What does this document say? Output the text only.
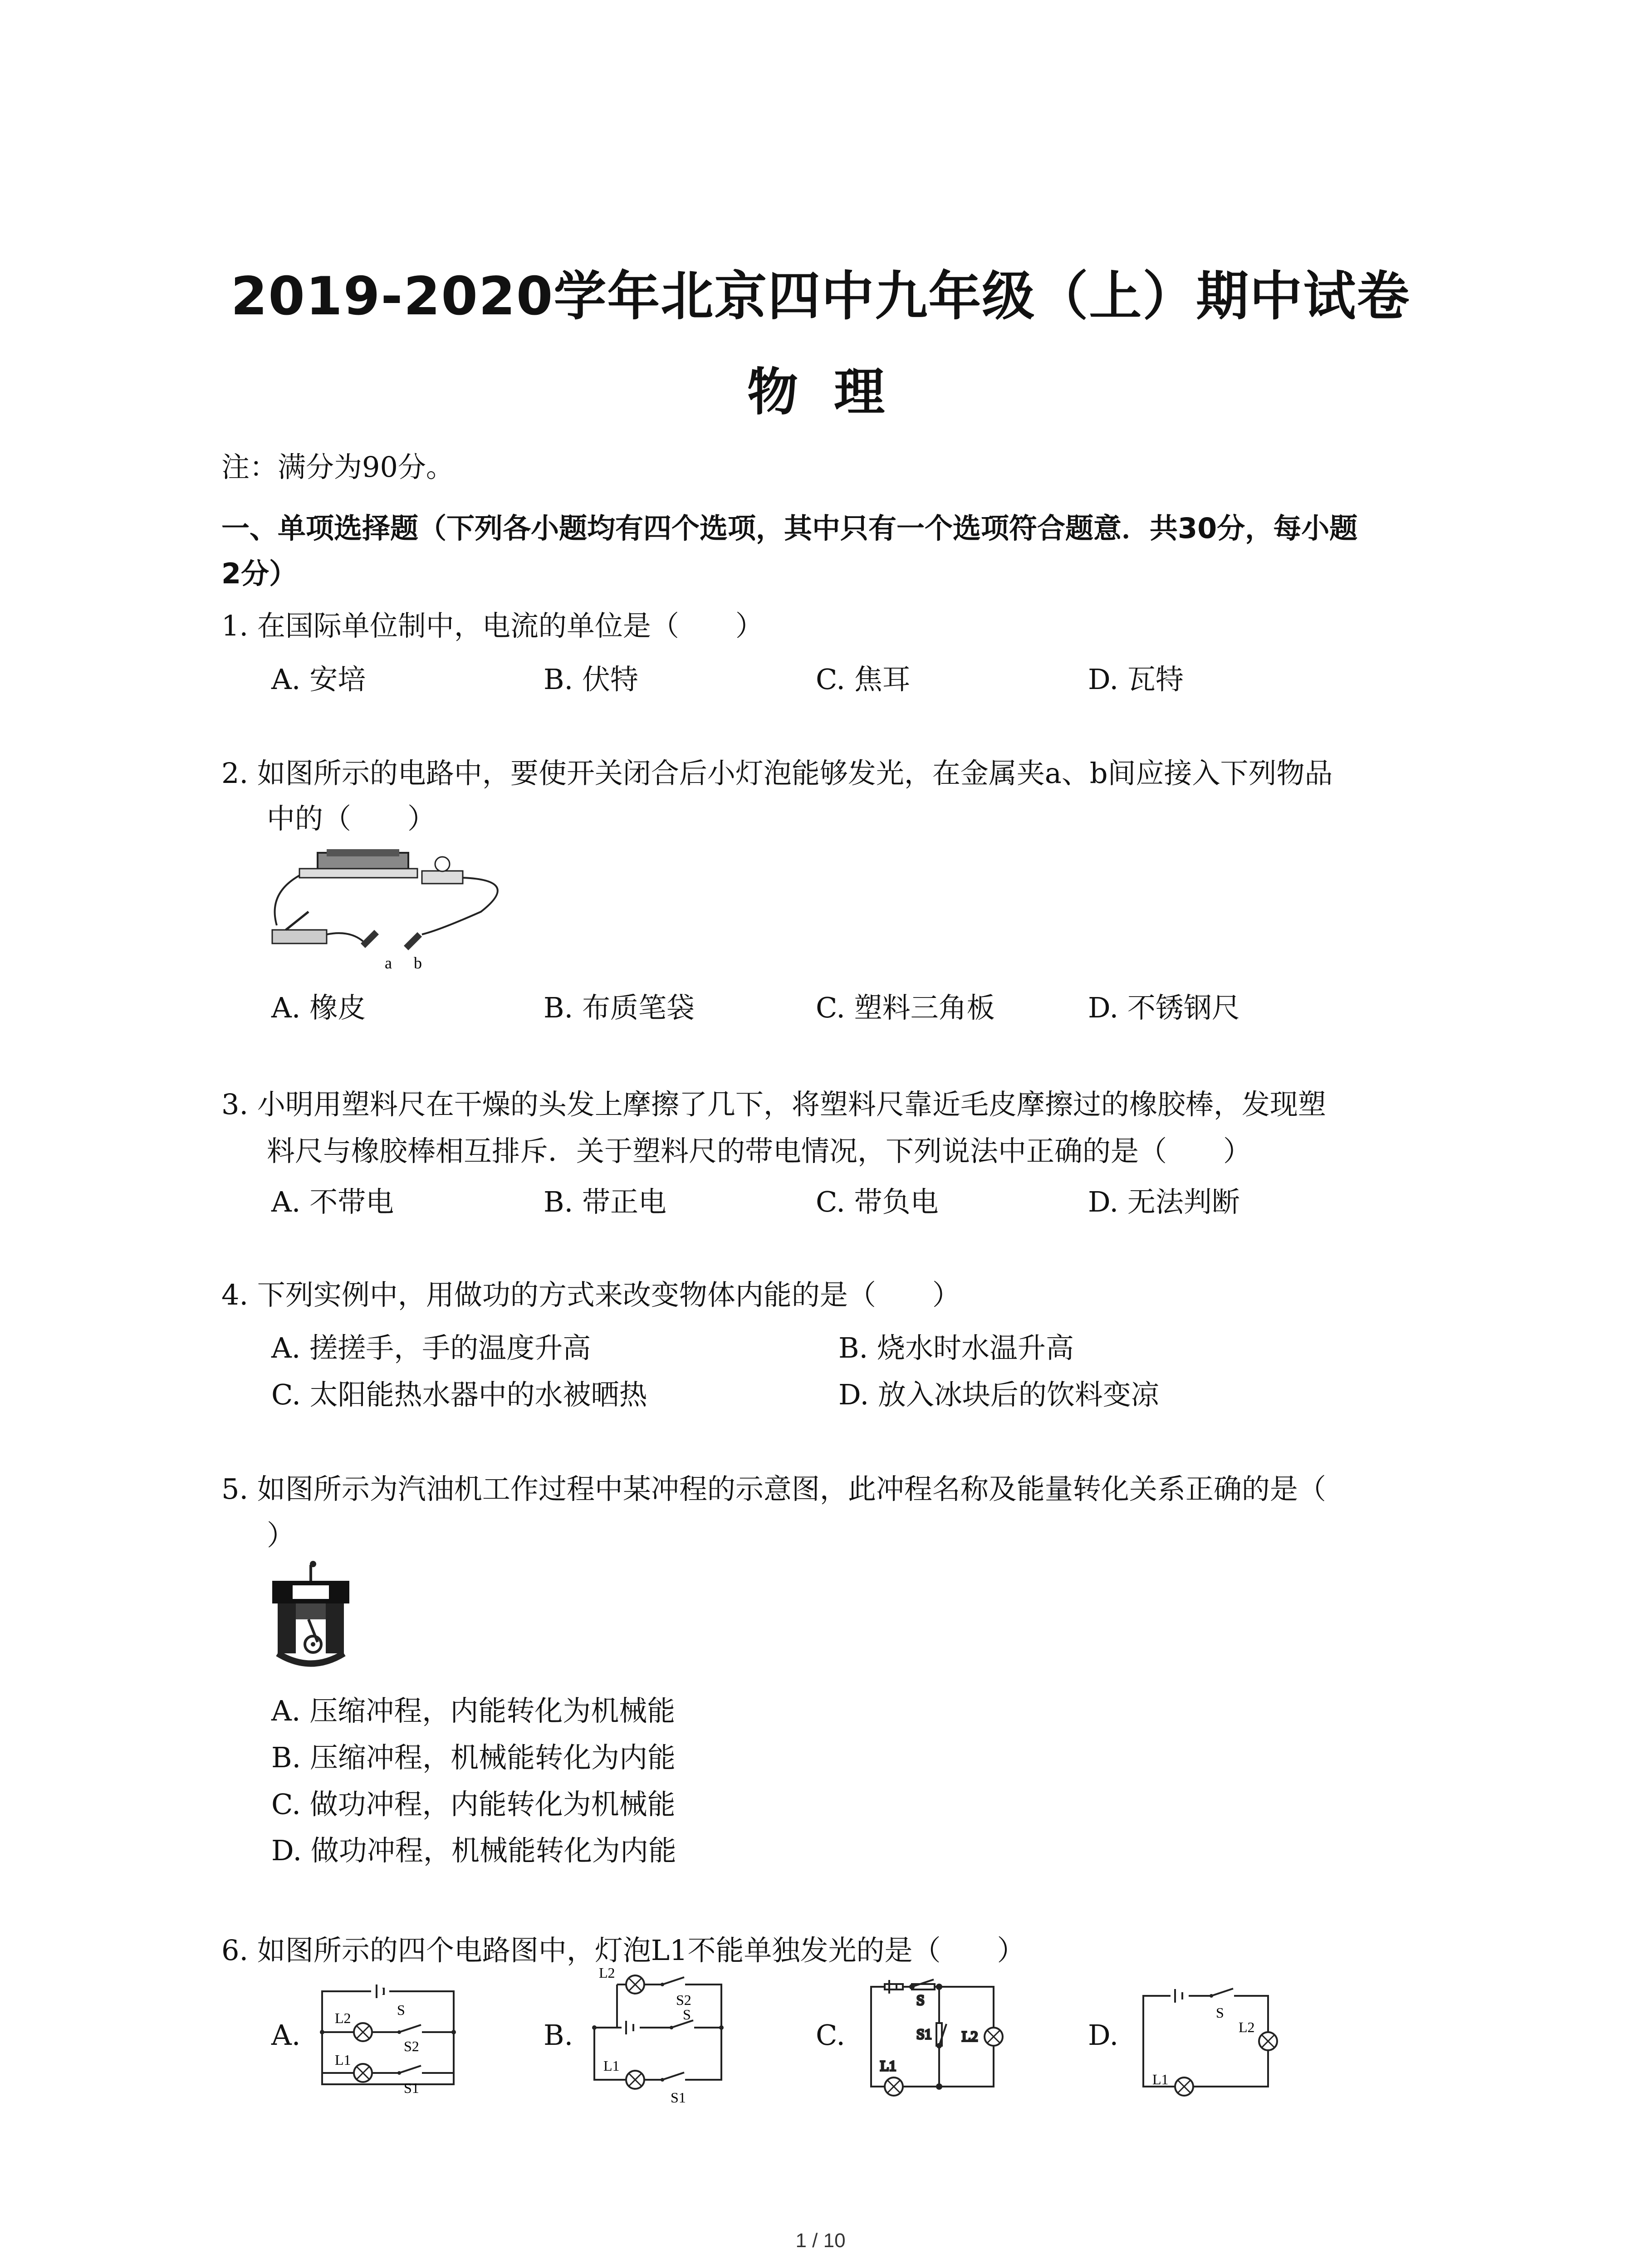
2019-2020学年北京四中九年级（上）期中试卷
物 理
注：满分为90分。
一、单项选择题（下列各小题均有四个选项，其中只有一个选项符合题意．共30分，每小题
2分）
1. 在国际单位制中，电流的单位是（　　）
A. 安培	B. 伏特	C. 焦耳	D. 瓦特
2. 如图所示的电路中，要使开关闭合后小灯泡能够发光，在金属夹a、b间应接入下列物品
中的（　　）
a b
A. 橡皮	B. 布质笔袋	C. 塑料三角板	D. 不锈钢尺
3. 小明用塑料尺在干燥的头发上摩擦了几下，将塑料尺靠近毛皮摩擦过的橡胶棒，发现塑
料尺与橡胶棒相互排斥．关于塑料尺的带电情况，下列说法中正确的是（　　）
A. 不带电	B. 带正电	C. 带负电	D. 无法判断
4. 下列实例中，用做功的方式来改变物体内能的是（　　）
A. 搓搓手，手的温度升高	B. 烧水时水温升高
C. 太阳能热水器中的水被晒热	D. 放入冰块后的饮料变凉
5. 如图所示为汽油机工作过程中某冲程的示意图，此冲程名称及能量转化关系正确的是（
）
A. 压缩冲程，内能转化为机械能
B. 压缩冲程，机械能转化为内能
C. 做功冲程，内能转化为机械能
D. 做功冲程，机械能转化为内能
6. 如图所示的四个电路图中，灯泡L1不能单独发光的是（　　）
A.	B.	C.	D.
L2	S
S2
L1
S1
L2
S2
S
L1
S1
S
S1 L2
L1
S
L2
L1
1 / 10
